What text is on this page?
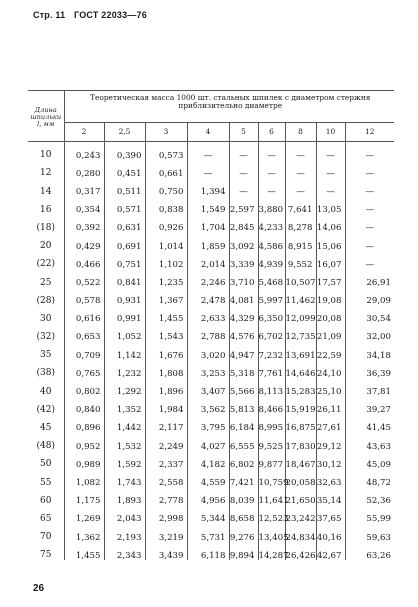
Стр. 11 ГОСТ 22033—76
Длина шпильки l, мм	Теоретическая масса 1000 шт. стальных шпилек с диаметром стержня приблизительно диаметре								
	2	2,5	3	4	5	6	8	10	12
10	0,243	0,390	0,573	—	—	—	—	—	—
12	0,280	0,451	0,661	—	—	—	—	—	—
14	0,317	0,511	0,750	1,394	—	—	—	—	—
16	0,354	0,571	0,838	1,549	2,597	3,880	7,641	13,05	—
(18)	0,392	0,631	0,926	1,704	2,845	4,233	8,278	14,06	—
20	0,429	0,691	1,014	1,859	3,092	4,586	8,915	15,06	—
(22)	0,466	0,751	1,102	2,014	3,339	4,939	9,552	16,07	—
25	0,522	0,841	1,235	2,246	3,710	5,468	10,507	17,57	26,91
(28)	0,578	0,931	1,367	2,478	4,081	5,997	11,462	19,08	29,09
30	0,616	0,991	1,455	2,633	4,329	6,350	12,099	20,08	30,54
(32)	0,653	1,052	1,543	2,788	4,576	6,702	12,735	21,09	32,00
35	0,709	1,142	1,676	3,020	4,947	7,232	13,691	22,59	34,18
(38)	0,765	1,232	1,808	3,253	5,318	7,761	14,646	24,10	36,39
40	0,802	1,292	1,896	3,407	5,566	8,113	15,283	25,10	37,81
(42)	0,840	1,352	1,984	3,562	5,813	8,466	15,919	26,11	39,27
45	0,896	1,442	2,117	3,795	6,184	8,995	16,875	27,61	41,45
(48)	0,952	1,532	2,249	4,027	6,555	9,525	17,830	29,12	43,63
50	0,989	1,592	2,337	4,182	6,802	9,877	18,467	30,12	45,09
55	1,082	1,743	2,558	4,559	7,421	10,759	20,058	32,63	48,72
60	1,175	1,893	2,778	4,956	8,039	11,641	21,650	35,14	52,36
65	1,269	2,043	2,998	5,344	8,658	12,523	23,242	37,65	55,99
70	1,362	2,193	3,219	5,731	9,276	13,405	24,834	40,16	59,63
75	1,455	2,343	3,439	6,118	9,894	14,287	26,426	42,67	63,26
26
